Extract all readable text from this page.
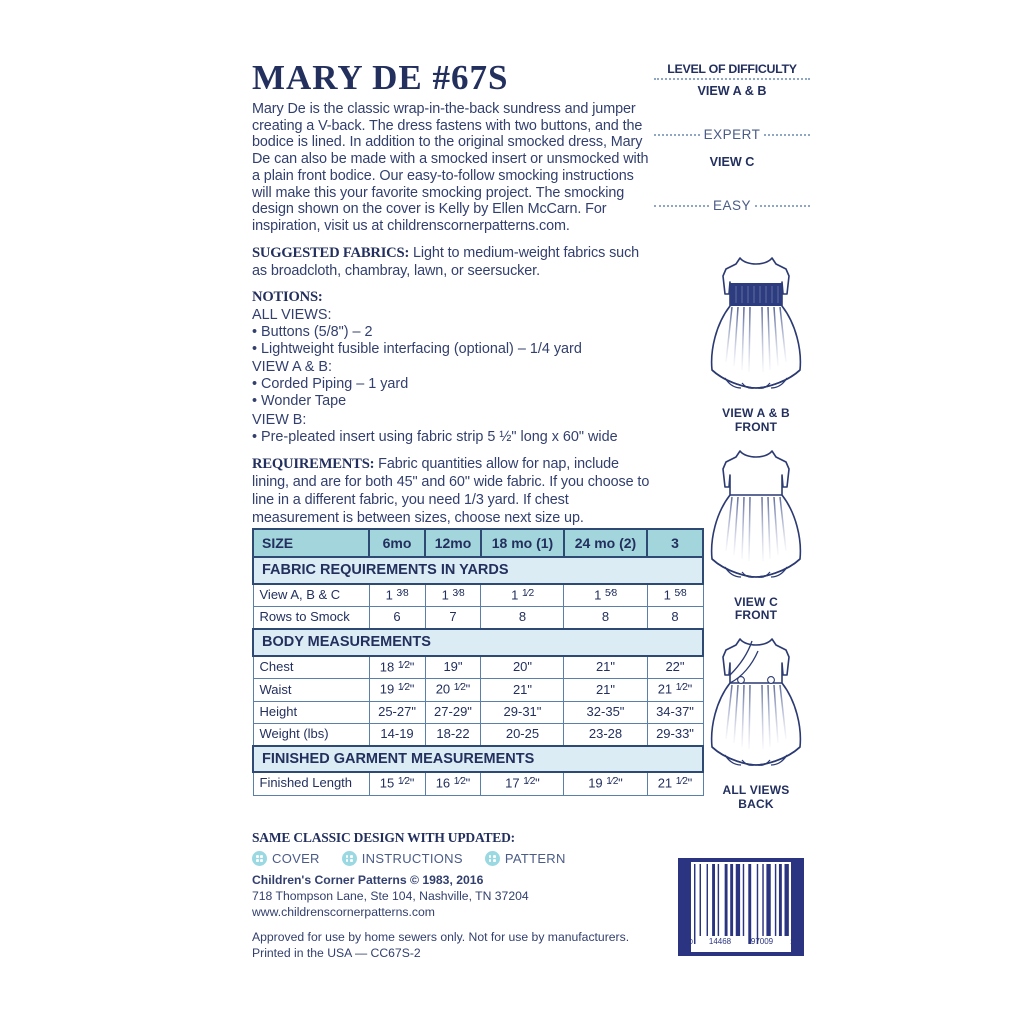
MARY DE #67S

Mary De is the classic wrap-in-the-back sundress and jumper creating a V-back. The dress fastens with two buttons, and the bodice is lined. In addition to the original smocked dress, Mary De can also be made with a smocked insert or unsmocked with a plain front bodice. Our easy-to-follow smocking instructions will make this your favorite smocking project. The smocking design shown on the cover is Kelly by Ellen McCarn. For inspiration, visit us at childrenscornerpatterns.com.

SUGGESTED FABRICS: Light to medium-weight fabrics such as broadcloth, chambray, lawn, or seersucker.
NOTIONS:
ALL VIEWS:
• Buttons (5/8") – 2
• Lightweight fusible interfacing (optional) – 1/4 yard
VIEW A & B:
• Corded Piping – 1 yard
• Wonder Tape
VIEW B:
• Pre-pleated insert using fabric strip 5 ½" long x 60" wide
REQUIREMENTS: Fabric quantities allow for nap, include lining, and are for both 45" and 60" wide fabric. If you choose to line in a different fabric, you need 1/3 yard. If chest measurement is between sizes, choose next size up.
SIZE	6mo	12mo	18 mo (1)	24 mo (2)	3
FABRIC REQUIREMENTS IN YARDS					
View A, B & C	1 $^{3⁄8}$	1 $^{3⁄8}$	1 $^{1⁄2}$	1 $^{5⁄8}$	1 $^{5⁄8}$
Rows to Smock	6	7	8	8	8
BODY MEASUREMENTS					
Chest	18 $^{1⁄2}$"	19"	20"	21"	22"
Waist	19 $^{1⁄2}$"	20 $^{1⁄2}$"	21"	21"	21 $^{1⁄2}$"
Height	25-27"	27-29"	29-31"	32-35"	34-37"
Weight (lbs)	14-19	18-22	20-25	23-28	29-33"
FINISHED GARMENT MEASUREMENTS					
Finished Length	15 $^{1⁄2}$"	16 $^{1⁄2}$"	17 $^{1⁄2}$"	19 $^{1⁄2}$"	21 $^{1⁄2}$"
LEVEL OF DIFFICULTY
VIEW A & B
EXPERT
VIEW C
EASY
VIEW A & B
FRONT
VIEW C
FRONT
ALL VIEWS
BACK
SAME CLASSIC DESIGN WITH UPDATED:
COVER	INSTRUCTIONS	PATTERN
Children's Corner Patterns © 1983, 2016
718 Thompson Lane, Ste 104, Nashville, TN 37204
www.childrenscornerpatterns.com
Approved for use by home sewers only. Not for use by manufacturers.
Printed in the USA — CC67S-2
0 14468 97009 1
